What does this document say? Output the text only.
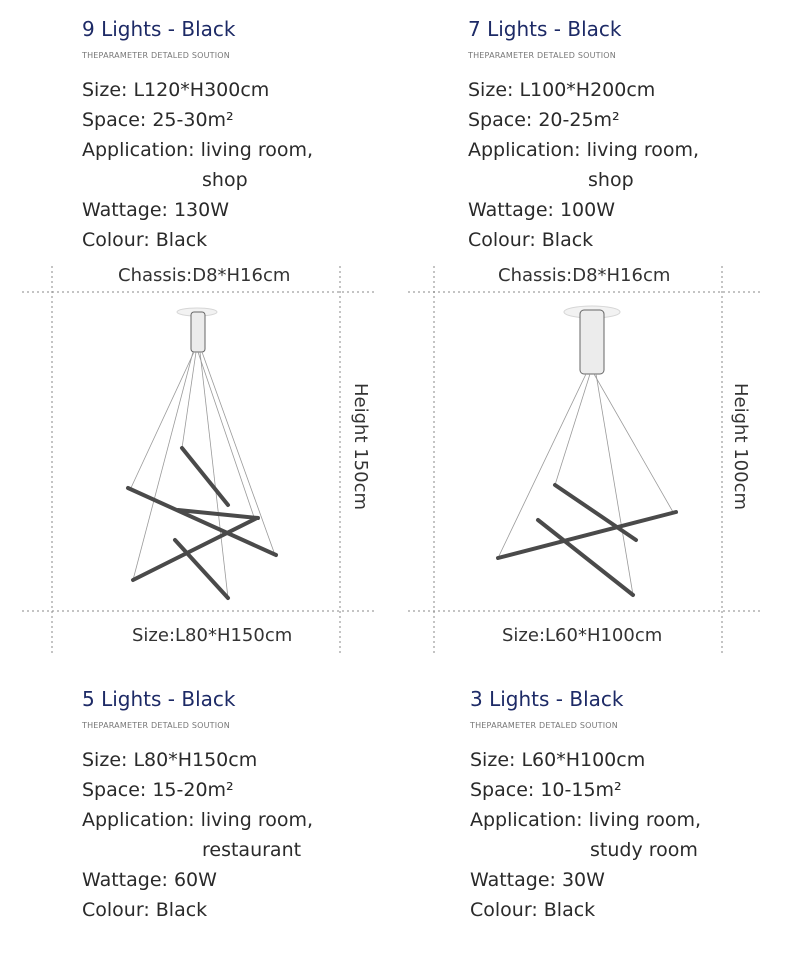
9 Lights - Black
THEPARAMETER DETALED SOUTION
Size: L120*H300cm
Space: 25-30m²
Application: living room,
shop
Wattage: 130W
Colour: Black
7 Lights - Black
THEPARAMETER DETALED SOUTION
Size: L100*H200cm
Space: 20-25m²
Application: living room,
shop
Wattage: 100W
Colour: Black
5 Lights - Black
THEPARAMETER DETALED SOUTION
Size: L80*H150cm
Space: 15-20m²
Application: living room,
restaurant
Wattage: 60W
Colour: Black
3 Lights - Black
THEPARAMETER DETALED SOUTION
Size: L60*H100cm
Space: 10-15m²
Application: living room,
study room
Wattage: 30W
Colour: Black
Chassis:D8*H16cm	Chassis:D8*H16cm
Height 150cm	Height 100cm
Size:L80*H150cm	Size:L60*H100cm
